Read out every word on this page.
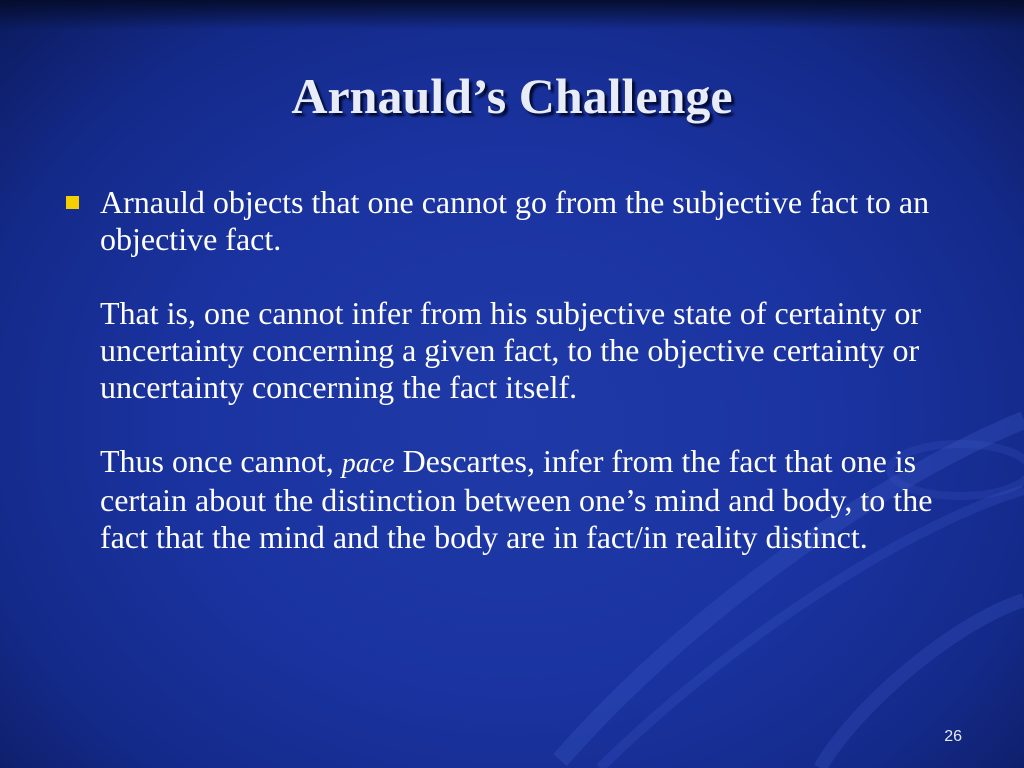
Arnauld’s Challenge

Arnauld objects that one cannot go from the subjective fact to an objective fact.

That is, one cannot infer from his subjective state of certainty or uncertainty concerning a given fact, to the objective certainty or uncertainty concerning the fact itself.

Thus once cannot, pace Descartes, infer from the fact that one is certain about the distinction between one’s mind and body, to the fact that the mind and the body are in fact/in reality distinct.

26
